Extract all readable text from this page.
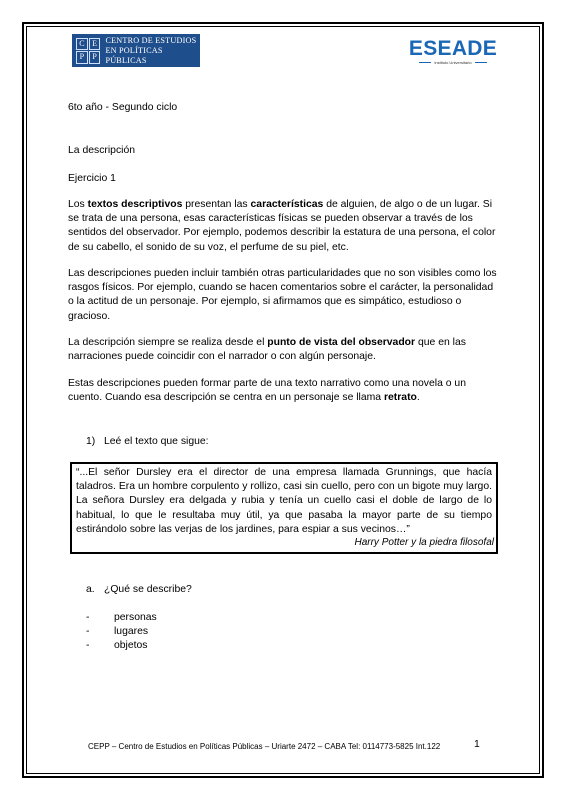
C E
P	P
CENTRO DE ESTUDIOS
EN POLÍTICAS PÚBLICAS	ESEADE
Instituto Universitario
6to año - Segundo ciclo
La descripción
Ejercicio 1
Los textos descriptivos presentan las características de alguien, de algo o de un lugar. Si se trata de una persona, esas características físicas se pueden observar a través de los sentidos del observador. Por ejemplo, podemos describir la estatura de una persona, el color de su cabello, el sonido de su voz, el perfume de su piel, etc.
Las descripciones pueden incluir también otras particularidades que no son visibles como los rasgos físicos. Por ejemplo, cuando se hacen comentarios sobre el carácter, la personalidad o la actitud de un personaje. Por ejemplo, si afirmamos que es simpático, estudioso o gracioso.
La descripción siempre se realiza desde el punto de vista del observador que en las narraciones puede coincidir con el narrador o con algún personaje.
Estas descripciones pueden formar parte de una texto narrativo como una novela o un cuento. Cuando esa descripción se centra en un personaje se llama retrato.
1) Leé el texto que sigue:
“...El señor Dursley era el director de una empresa llamada Grunnings, que hacía taladros. Era un hombre corpulento y rollizo, casi sin cuello, pero con un bigote muy largo. La señora Dursley era delgada y rubia y tenía un cuello casi el doble de largo de lo habitual, lo que le resultaba muy útil, ya que pasaba la mayor parte de su tiempo estirándolo sobre las verjas de los jardines, para espiar a sus vecinos…”
Harry Potter y la piedra filosofal
a. ¿Qué se describe?
- personas
- lugares
- objetos
CEPP – Centro de Estudios en Políticas Públicas – Uriarte 2472 – CABA Tel: 0114773-5825 Int.122	1
